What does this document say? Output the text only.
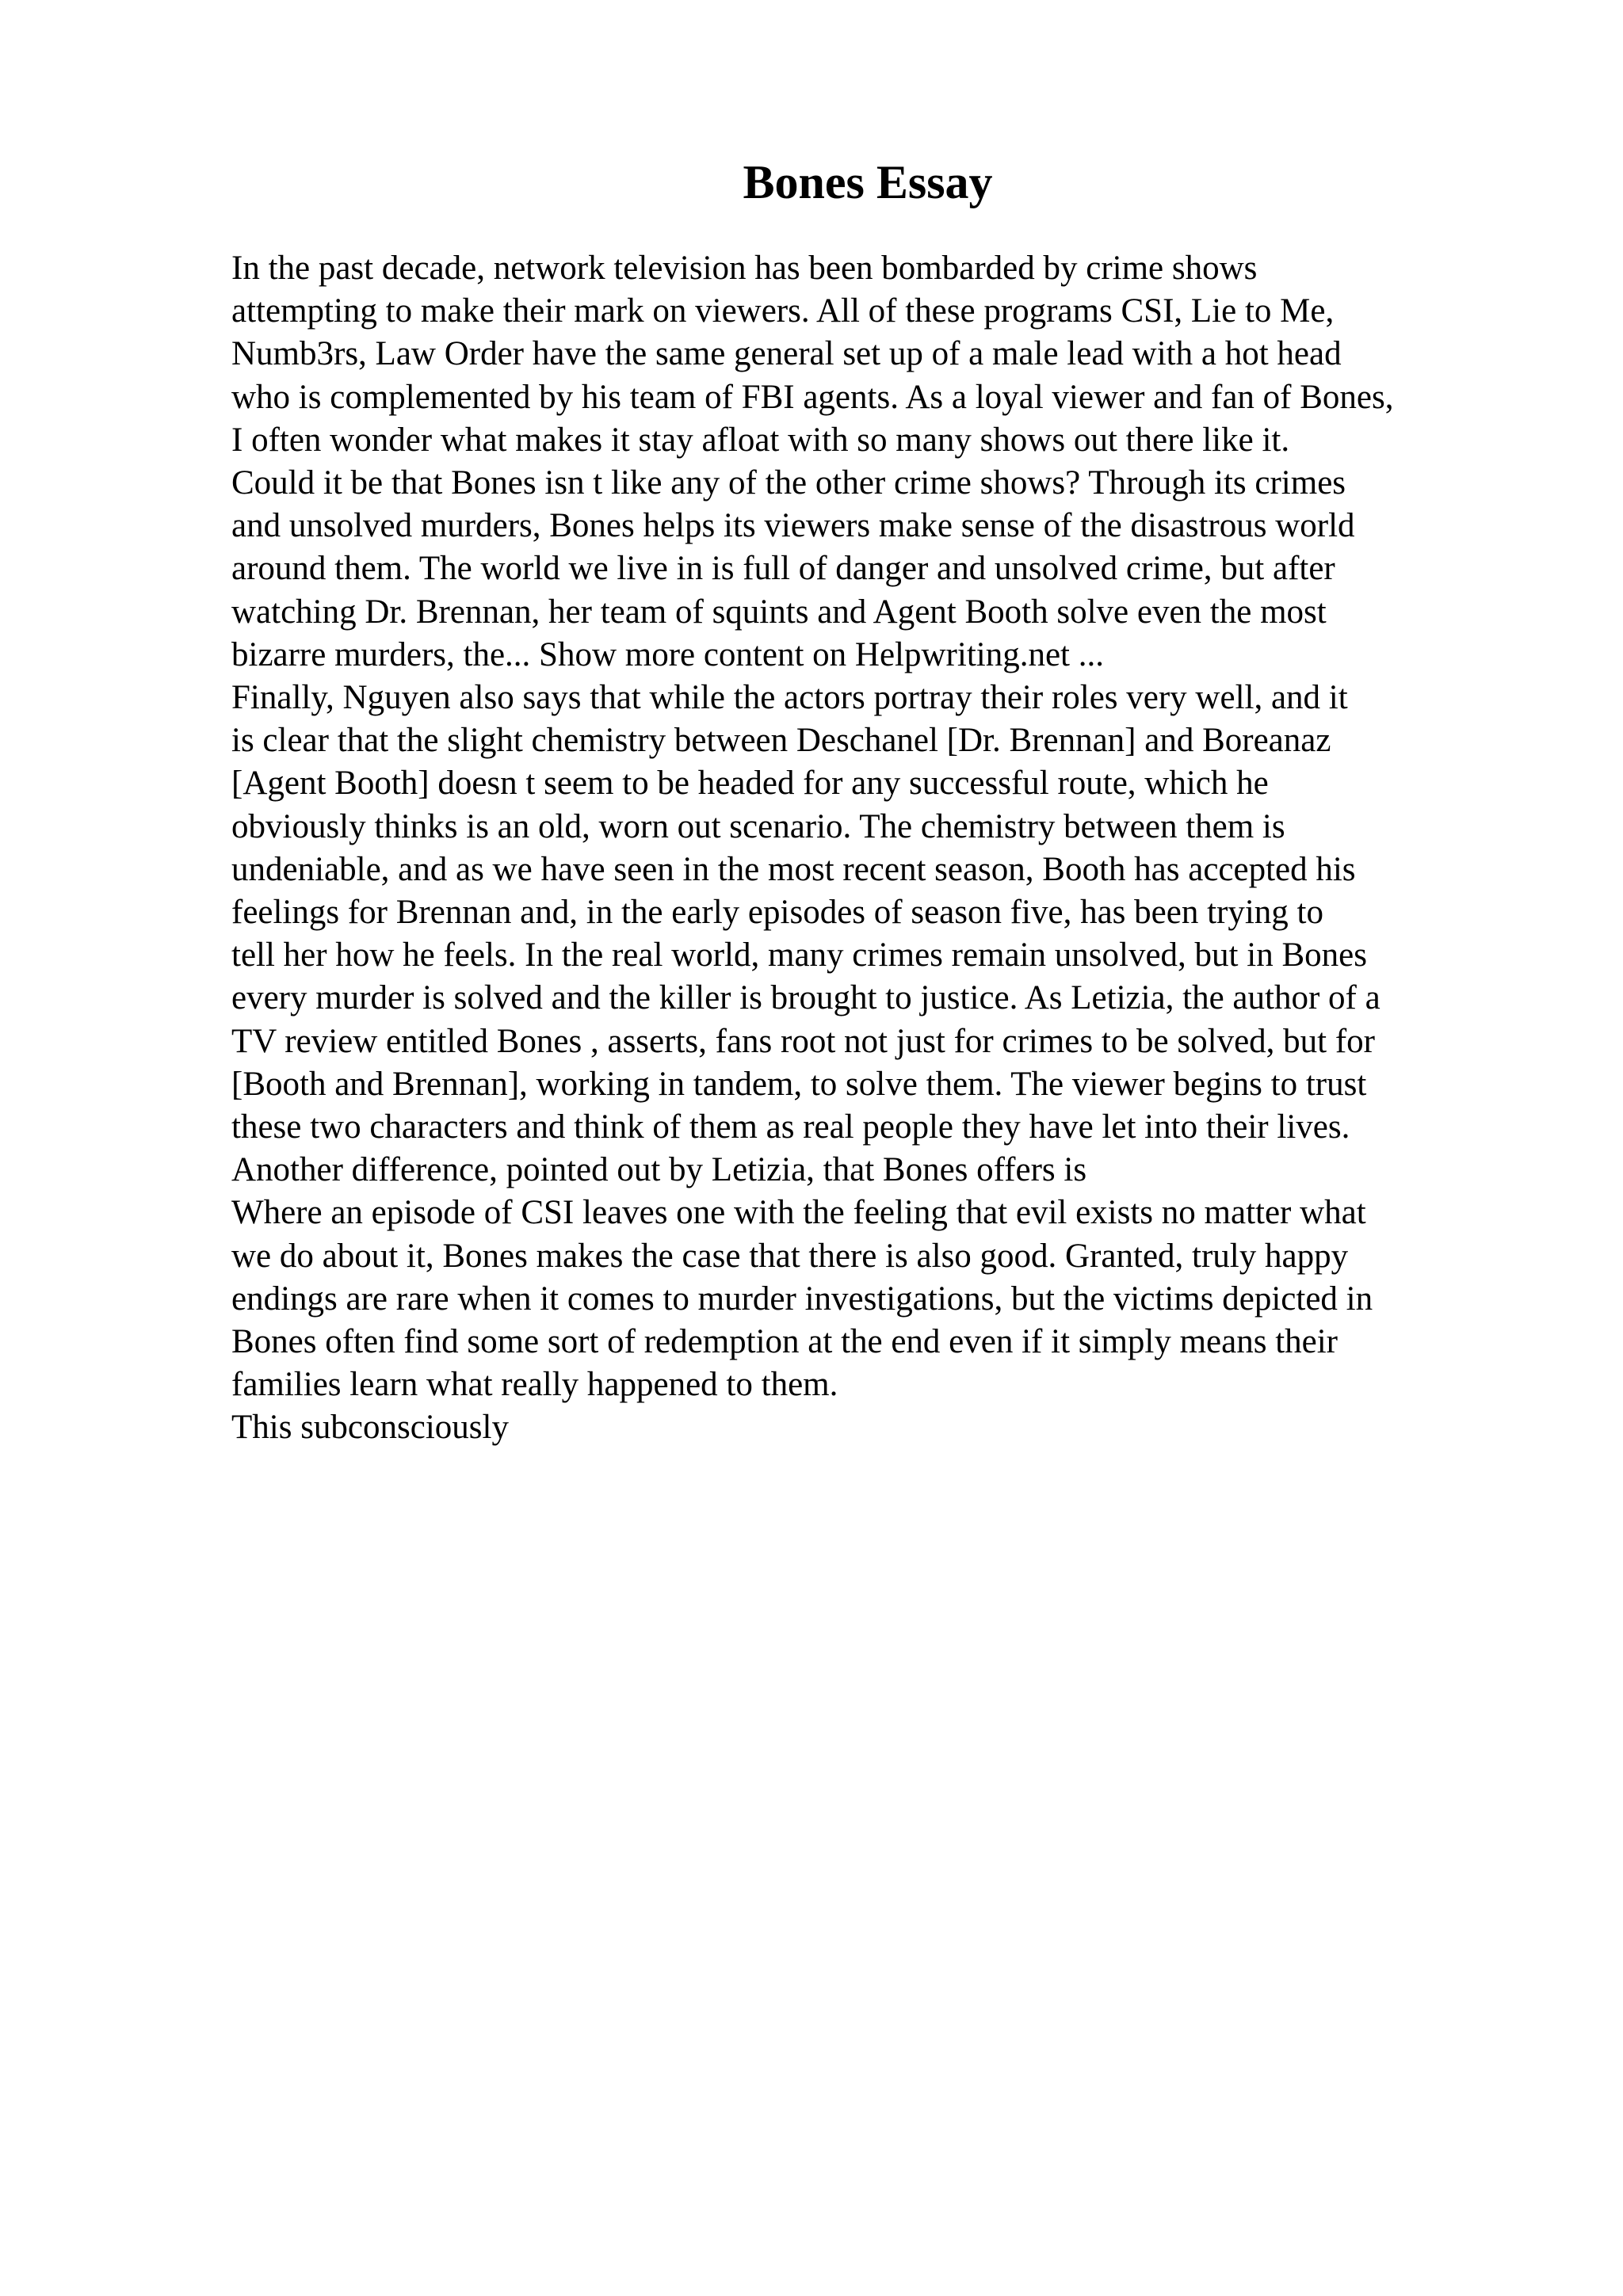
Bones Essay
In the past decade, network television has been bombarded by crime shows
attempting to make their mark on viewers. All of these programs CSI, Lie to Me,
Numb3rs, Law Order have the same general set up of a male lead with a hot head
who is complemented by his team of FBI agents. As a loyal viewer and fan of Bones,
I often wonder what makes it stay afloat with so many shows out there like it.
Could it be that Bones isn t like any of the other crime shows? Through its crimes
and unsolved murders, Bones helps its viewers make sense of the disastrous world
around them. The world we live in is full of danger and unsolved crime, but after
watching Dr. Brennan, her team of squints and Agent Booth solve even the most
bizarre murders, the... Show more content on Helpwriting.net ...
Finally, Nguyen also says that while the actors portray their roles very well, and it
is clear that the slight chemistry between Deschanel [Dr. Brennan] and Boreanaz
[Agent Booth] doesn t seem to be headed for any successful route, which he
obviously thinks is an old, worn out scenario. The chemistry between them is
undeniable, and as we have seen in the most recent season, Booth has accepted his
feelings for Brennan and, in the early episodes of season five, has been trying to
tell her how he feels. In the real world, many crimes remain unsolved, but in Bones
every murder is solved and the killer is brought to justice. As Letizia, the author of a
TV review entitled Bones , asserts, fans root not just for crimes to be solved, but for
[Booth and Brennan], working in tandem, to solve them. The viewer begins to trust
these two characters and think of them as real people they have let into their lives.
Another difference, pointed out by Letizia, that Bones offers is
Where an episode of CSI leaves one with the feeling that evil exists no matter what
we do about it, Bones makes the case that there is also good. Granted, truly happy
endings are rare when it comes to murder investigations, but the victims depicted in
Bones often find some sort of redemption at the end even if it simply means their
families learn what really happened to them.
This subconsciously
